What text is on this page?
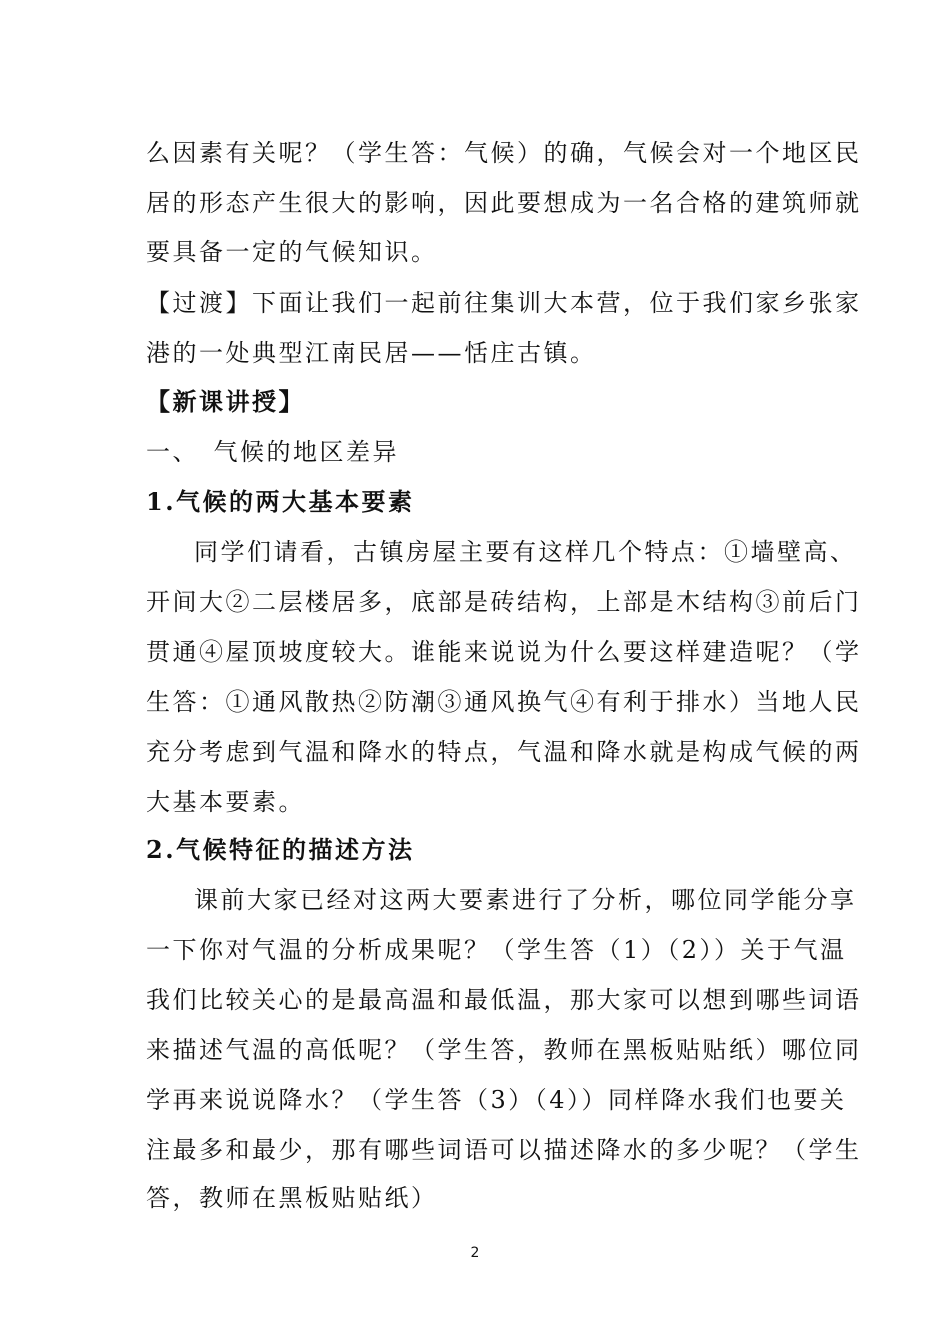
么因素有关呢？（学生答：气候）的确，气候会对一个地区民
居的形态产生很大的影响，因此要想成为一名合格的建筑师就
要具备一定的气候知识。
【过渡】下面让我们一起前往集训大本营，位于我们家乡张家
港的一处典型江南民居——恬庄古镇。
【新课讲授】
一、　气候的地区差异
1.气候的两大基本要素
同学们请看，古镇房屋主要有这样几个特点：①墙壁高、
开间大②二层楼居多，底部是砖结构，上部是木结构③前后门
贯通④屋顶坡度较大。谁能来说说为什么要这样建造呢？（学
生答：①通风散热②防潮③通风换气④有利于排水）当地人民
充分考虑到气温和降水的特点，气温和降水就是构成气候的两
大基本要素。
2.气候特征的描述方法
课前大家已经对这两大要素进行了分析，哪位同学能分享
一下你对气温的分析成果呢？（学生答（1）（2））关于气温
我们比较关心的是最高温和最低温，那大家可以想到哪些词语
来描述气温的高低呢？（学生答，教师在黑板贴贴纸）哪位同
学再来说说降水？（学生答（3）（4））同样降水我们也要关
注最多和最少，那有哪些词语可以描述降水的多少呢？（学生
答，教师在黑板贴贴纸）
2
